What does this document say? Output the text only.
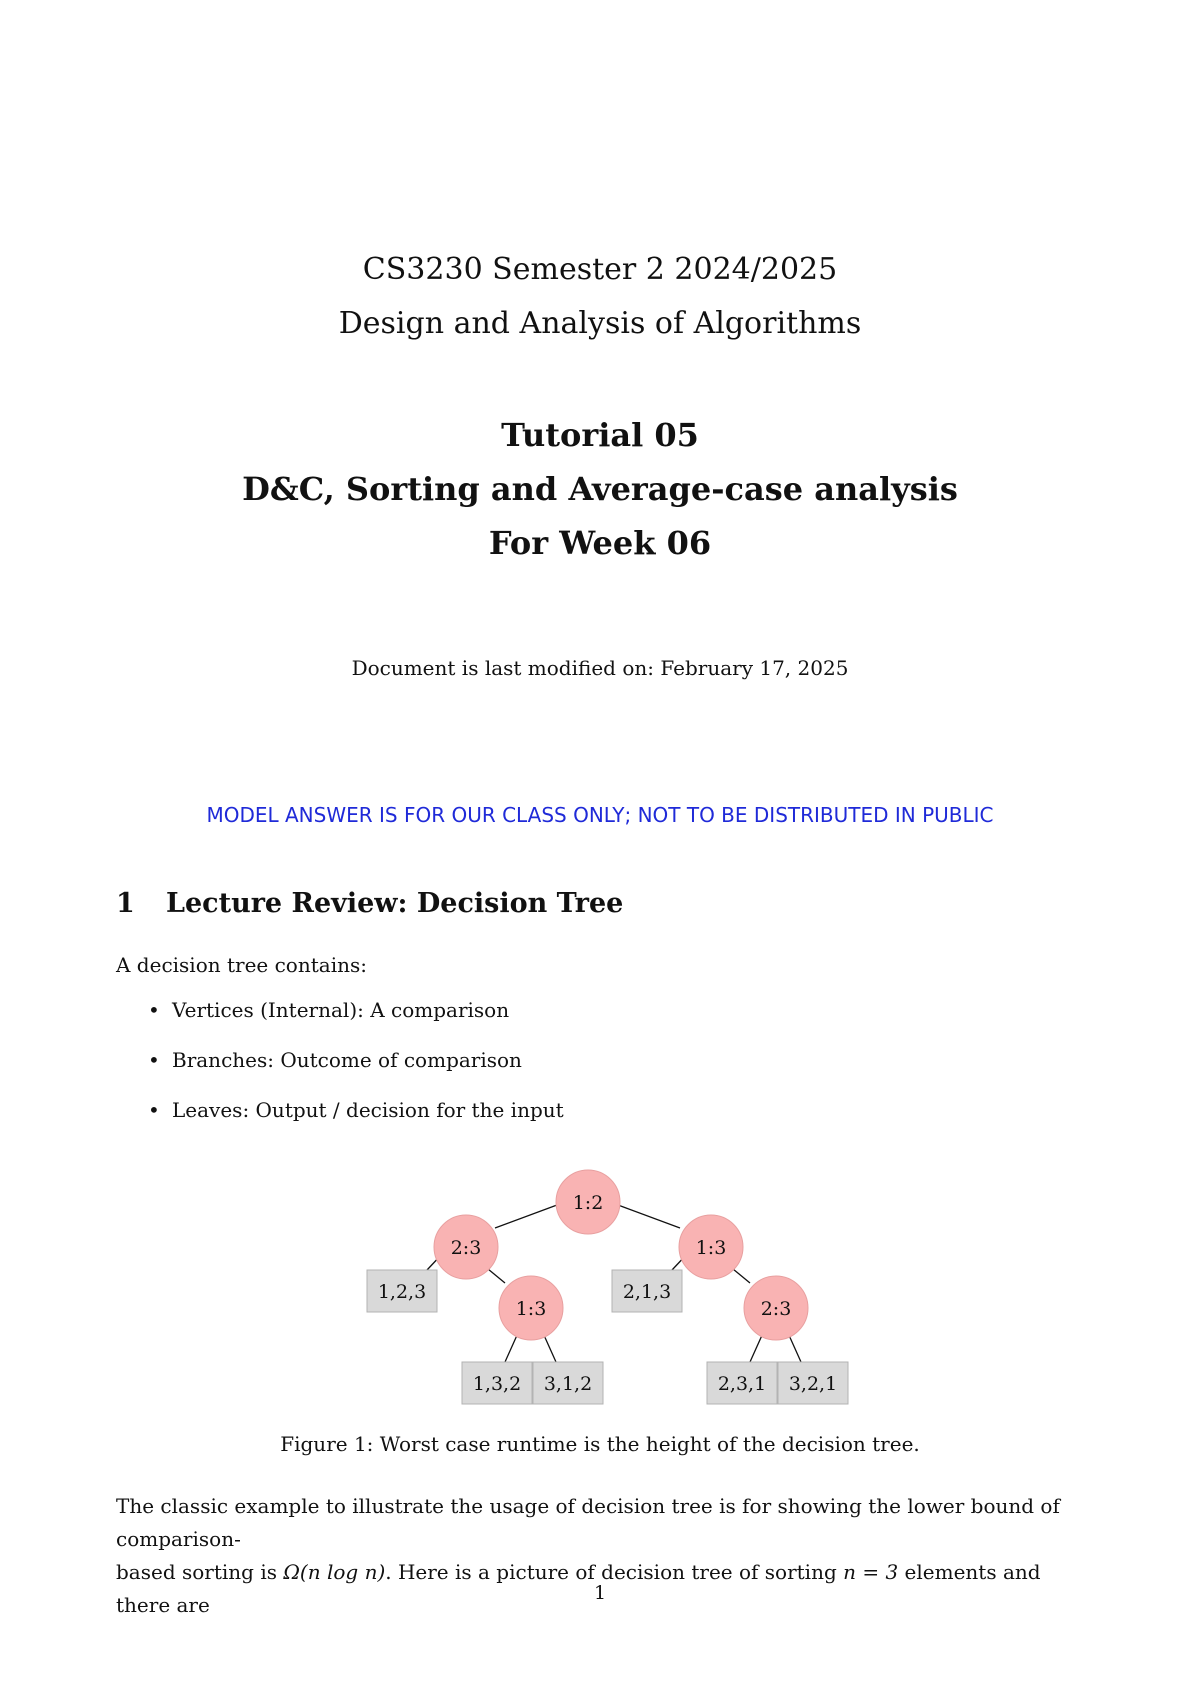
CS3230 Semester 2 2024/2025
Design and Analysis of Algorithms
Tutorial 05
D&C, Sorting and Average-case analysis
For Week 06
Document is last modified on: February 17, 2025
MODEL ANSWER IS FOR OUR CLASS ONLY; NOT TO BE DISTRIBUTED IN PUBLIC
1 Lecture Review: Decision Tree
A decision tree contains:
• Vertices (Internal): A comparison
• Branches: Outcome of comparison
• Leaves: Output / decision for the input
1:2
2:3
1:3
1:3
2:3
1,2,3	2,1,3
1,3,2 3,1,2	2,3,1 3,2,1
Figure 1: Worst case runtime is the height of the decision tree.
The classic example to illustrate the usage of decision tree is for showing the lower bound of comparison-
based sorting is Ω(n log n). Here is a picture of decision tree of sorting n = 3 elements and there are	1
